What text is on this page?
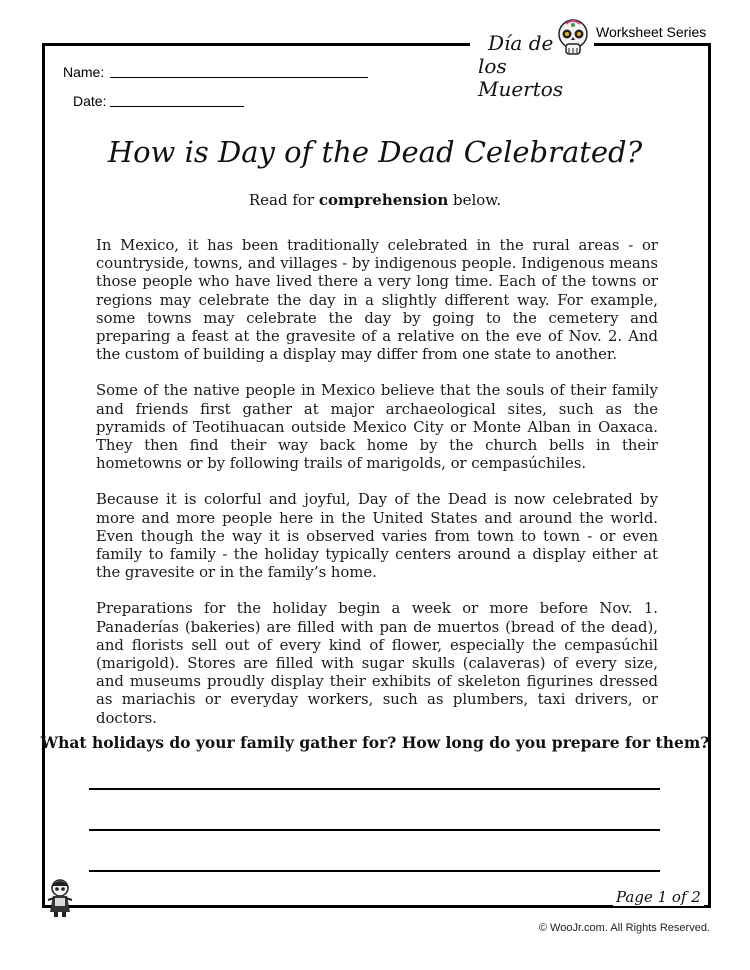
Día de
los Muertos
Worksheet Series
Name:
Date:
How is Day of the Dead Celebrated?
Read for comprehension below.

In Mexico, it has been traditionally celebrated in the rural areas - or countryside, towns, and villages - by indigenous people. Indigenous means those people who have lived there a very long time. Each of the towns or regions may celebrate the day in a slightly different way. For example, some towns may celebrate the day by going to the cemetery and preparing a feast at the gravesite of a relative on the eve of Nov. 2. And the custom of building a display may differ from one state to another.

Some of the native people in Mexico believe that the souls of their family and friends first gather at major archaeological sites, such as the pyramids of Teotihuacan outside Mexico City or Monte Alban in Oaxaca. They then find their way back home by the church bells in their hometowns or by following trails of marigolds, or cempasúchiles.

Because it is colorful and joyful, Day of the Dead is now celebrated by more and more people here in the United States and around the world. Even though the way it is observed varies from town to town - or even family to family - the holiday typically centers around a display either at the gravesite or in the family’s home.

Preparations for the holiday begin a week or more before Nov. 1. Panaderías (bakeries) are filled with pan de muertos (bread of the dead), and florists sell out of every kind of flower, especially the cempasúchil (marigold). Stores are filled with sugar skulls (calaveras) of every size, and museums proudly display their exhibits of skeleton figurines dressed as mariachis or everyday workers, such as plumbers, taxi drivers, or doctors.

What holidays do your family gather for? How long do you prepare for them?
Page 1 of 2
© WooJr.com. All Rights Reserved.
